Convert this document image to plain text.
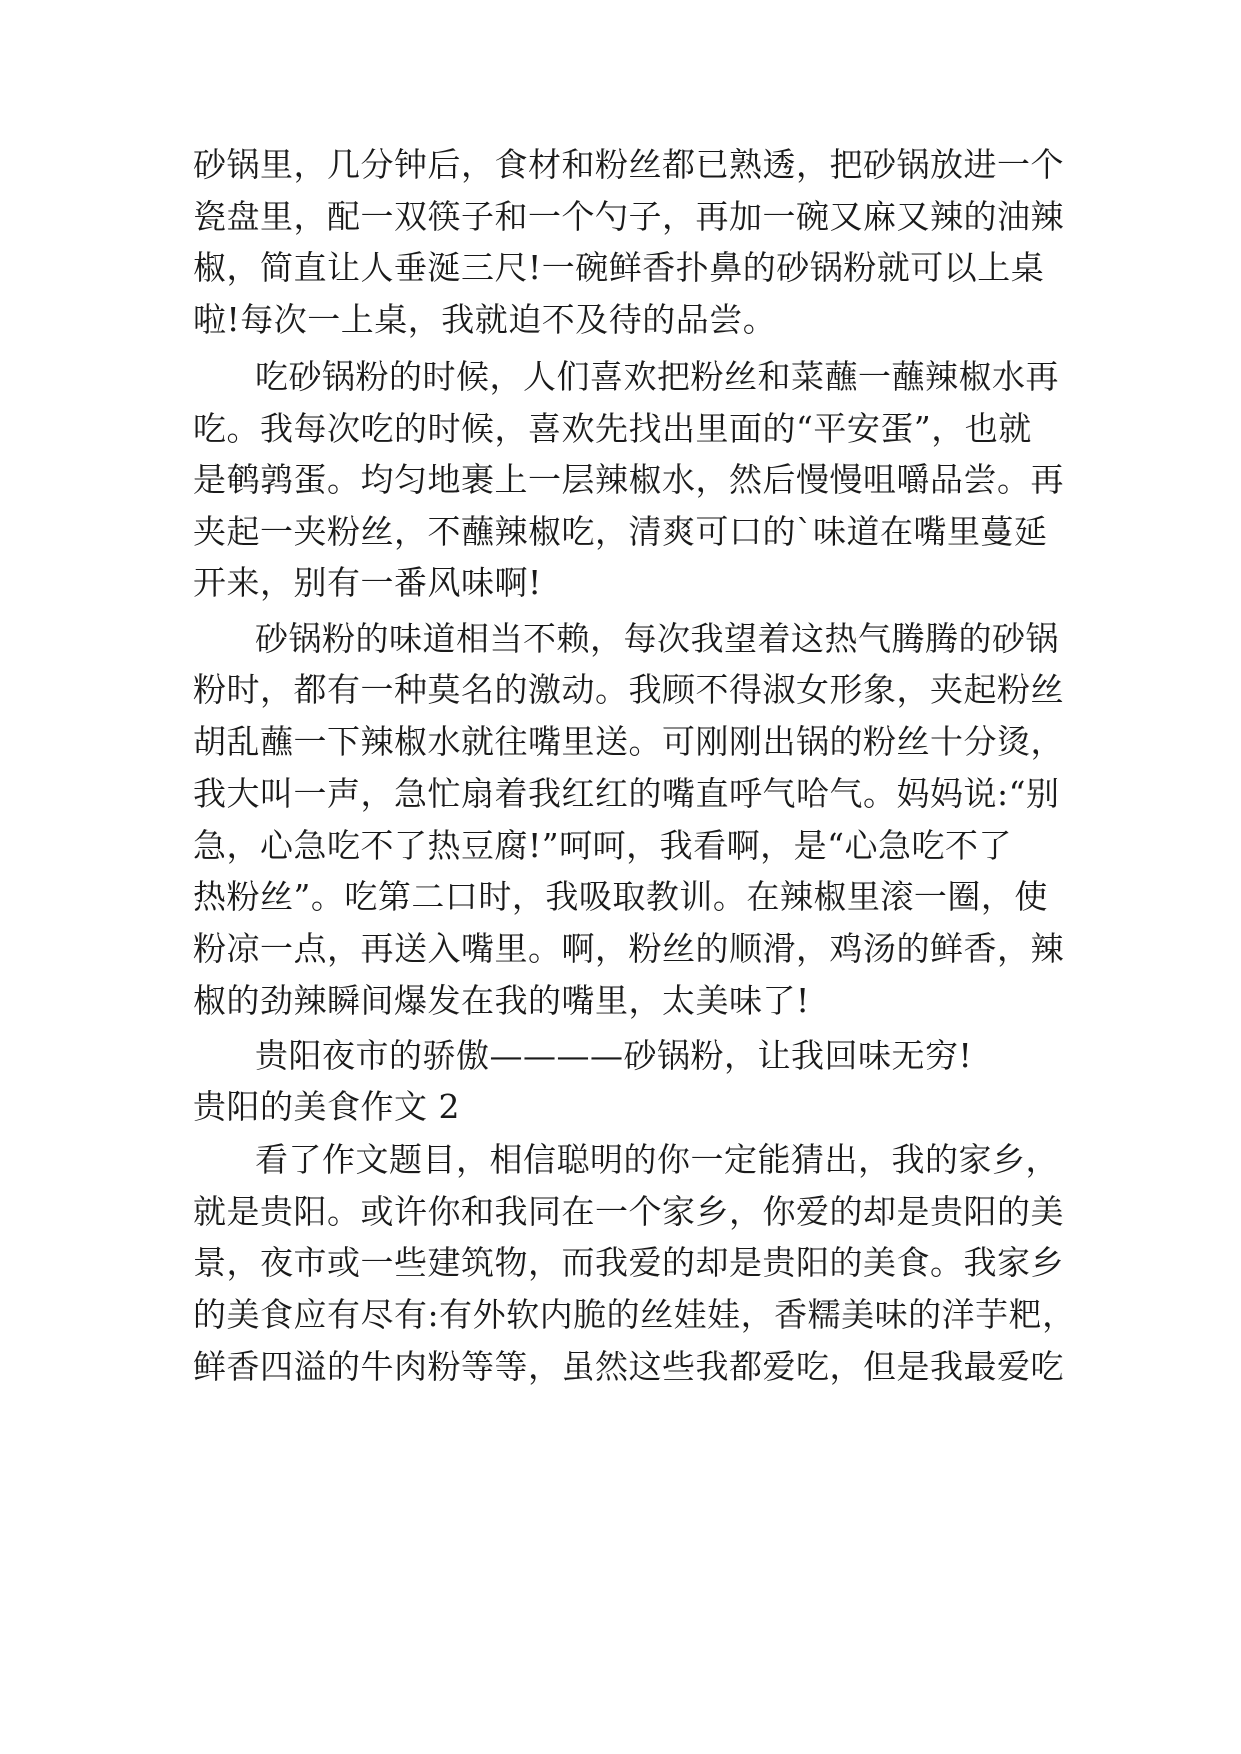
砂锅里，几分钟后，食材和粉丝都已熟透，把砂锅放进一个
瓷盘里，配一双筷子和一个勺子，再加一碗又麻又辣的油辣
椒，简直让人垂涎三尺!一碗鲜香扑鼻的砂锅粉就可以上桌
啦!每次一上桌，我就迫不及待的品尝。
吃砂锅粉的时候，人们喜欢把粉丝和菜蘸一蘸辣椒水再
吃。我每次吃的时候，喜欢先找出里面的“平安蛋”，也就
是鹌鹑蛋。均匀地裹上一层辣椒水，然后慢慢咀嚼品尝。再
夹起一夹粉丝，不蘸辣椒吃，清爽可口的`味道在嘴里蔓延
开来，别有一番风味啊!
砂锅粉的味道相当不赖，每次我望着这热气腾腾的砂锅
粉时，都有一种莫名的激动。我顾不得淑女形象，夹起粉丝
胡乱蘸一下辣椒水就往嘴里送。可刚刚出锅的粉丝十分烫，
我大叫一声，急忙扇着我红红的嘴直呼气哈气。妈妈说:“别
急，心急吃不了热豆腐!”呵呵，我看啊，是“心急吃不了
热粉丝”。吃第二口时，我吸取教训。在辣椒里滚一圈，使
粉凉一点，再送入嘴里。啊，粉丝的顺滑，鸡汤的鲜香，辣
椒的劲辣瞬间爆发在我的嘴里，太美味了!
贵阳夜市的骄傲————砂锅粉，让我回味无穷!
贵阳的美食作文 2
看了作文题目，相信聪明的你一定能猜出，我的家乡，
就是贵阳。或许你和我同在一个家乡，你爱的却是贵阳的美
景，夜市或一些建筑物，而我爱的却是贵阳的美食。我家乡
的美食应有尽有:有外软内脆的丝娃娃，香糯美味的洋芋粑，
鲜香四溢的牛肉粉等等，虽然这些我都爱吃，但是我最爱吃
